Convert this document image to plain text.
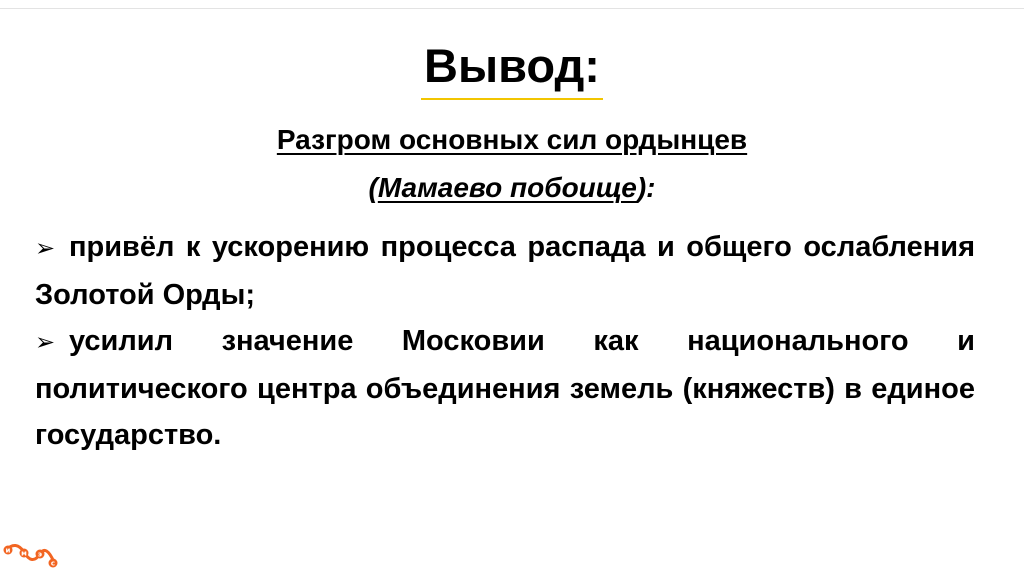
Вывод:
Разгром основных сил ордынцев
(Мамаево побоище):
➢ привёл к ускорению процесса распада и общего ослабления Золотой Орды;
➢ усилил значение Московии как национального и политического центра объединения земель (княжеств) в единое государство.
и м э
с
